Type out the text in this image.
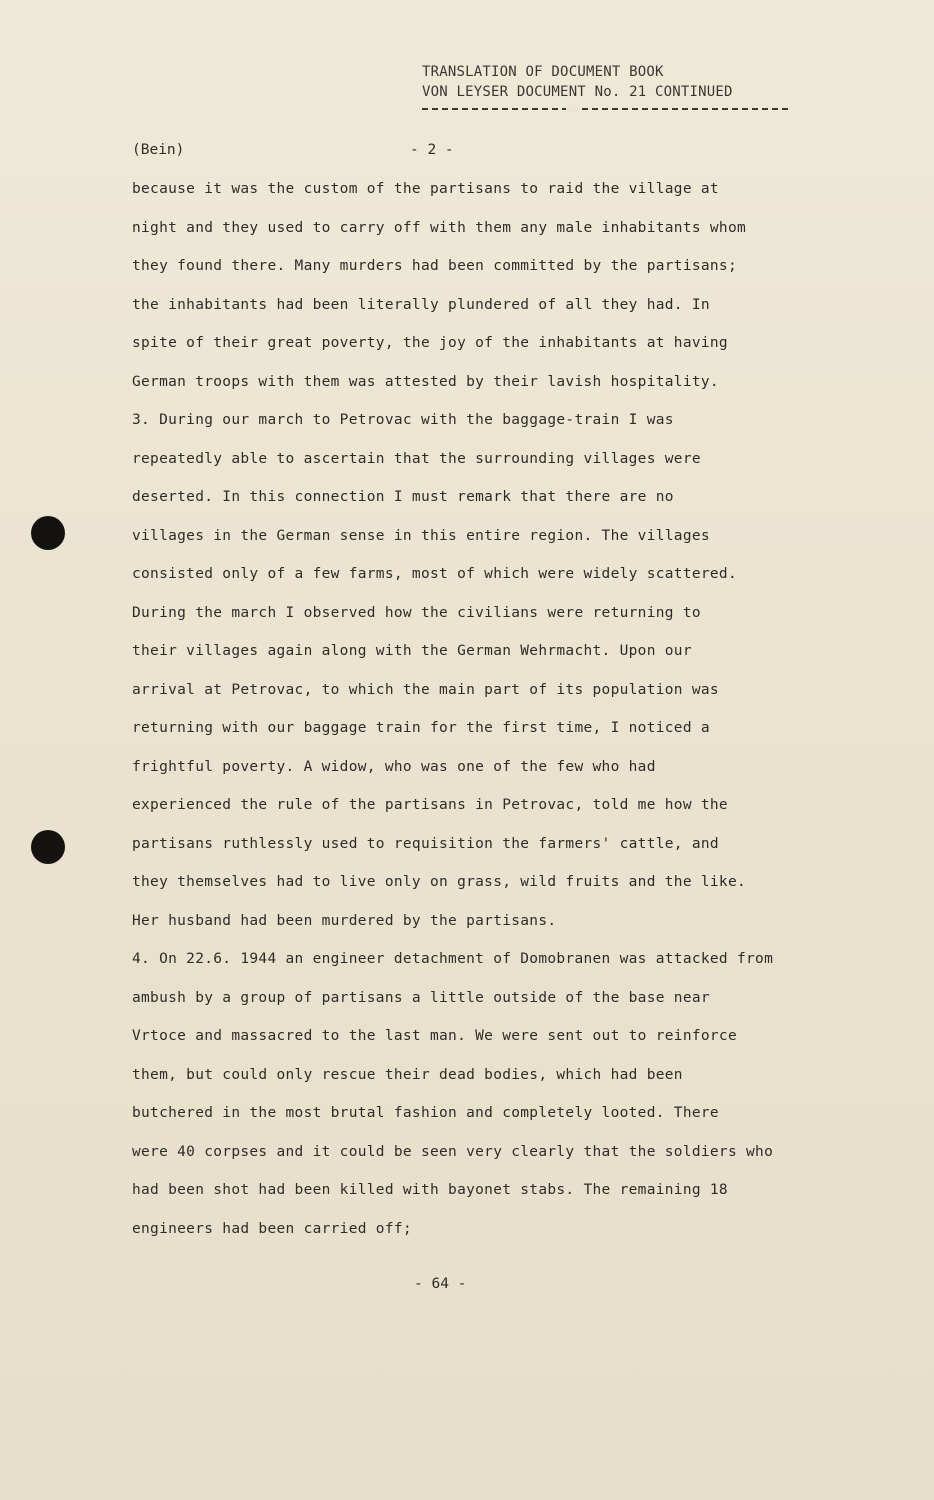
TRANSLATION OF DOCUMENT BOOK
VON LEYSER DOCUMENT No. 21 CONTINUED
(Bein)	- 2 -
because it was the custom of the partisans to raid the village at
night and they used to carry off with them any male inhabitants whom
they found there. Many murders had been committed by the partisans;
the inhabitants had been literally plundered of all they had. In
spite of their great poverty, the joy of the inhabitants at having
German troops with them was attested by their lavish hospitality.
3. During our march to Petrovac with the baggage-train I was
repeatedly able to ascertain that the surrounding villages were
deserted. In this connection I must remark that there are no
villages in the German sense in this entire region. The villages
consisted only of a few farms, most of which were widely scattered.
During the march I observed how the civilians were returning to
their villages again along with the German Wehrmacht. Upon our
arrival at Petrovac, to which the main part of its population was
returning with our baggage train for the first time, I noticed a
frightful poverty. A widow, who was one of the few who had
experienced the rule of the partisans in Petrovac, told me how the
partisans ruthlessly used to requisition the farmers' cattle, and
they themselves had to live only on grass, wild fruits and the like.
Her husband had been murdered by the partisans.
4. On 22.6. 1944 an engineer detachment of Domobranen was attacked from
ambush by a group of partisans a little outside of the base near
Vrtoce and massacred to the last man. We were sent out to reinforce
them, but could only rescue their dead bodies, which had been
butchered in the most brutal fashion and completely looted. There
were 40 corpses and it could be seen very clearly that the soldiers who
had been shot had been killed with bayonet stabs. The remaining 18
engineers had been carried off;
- 64 -
